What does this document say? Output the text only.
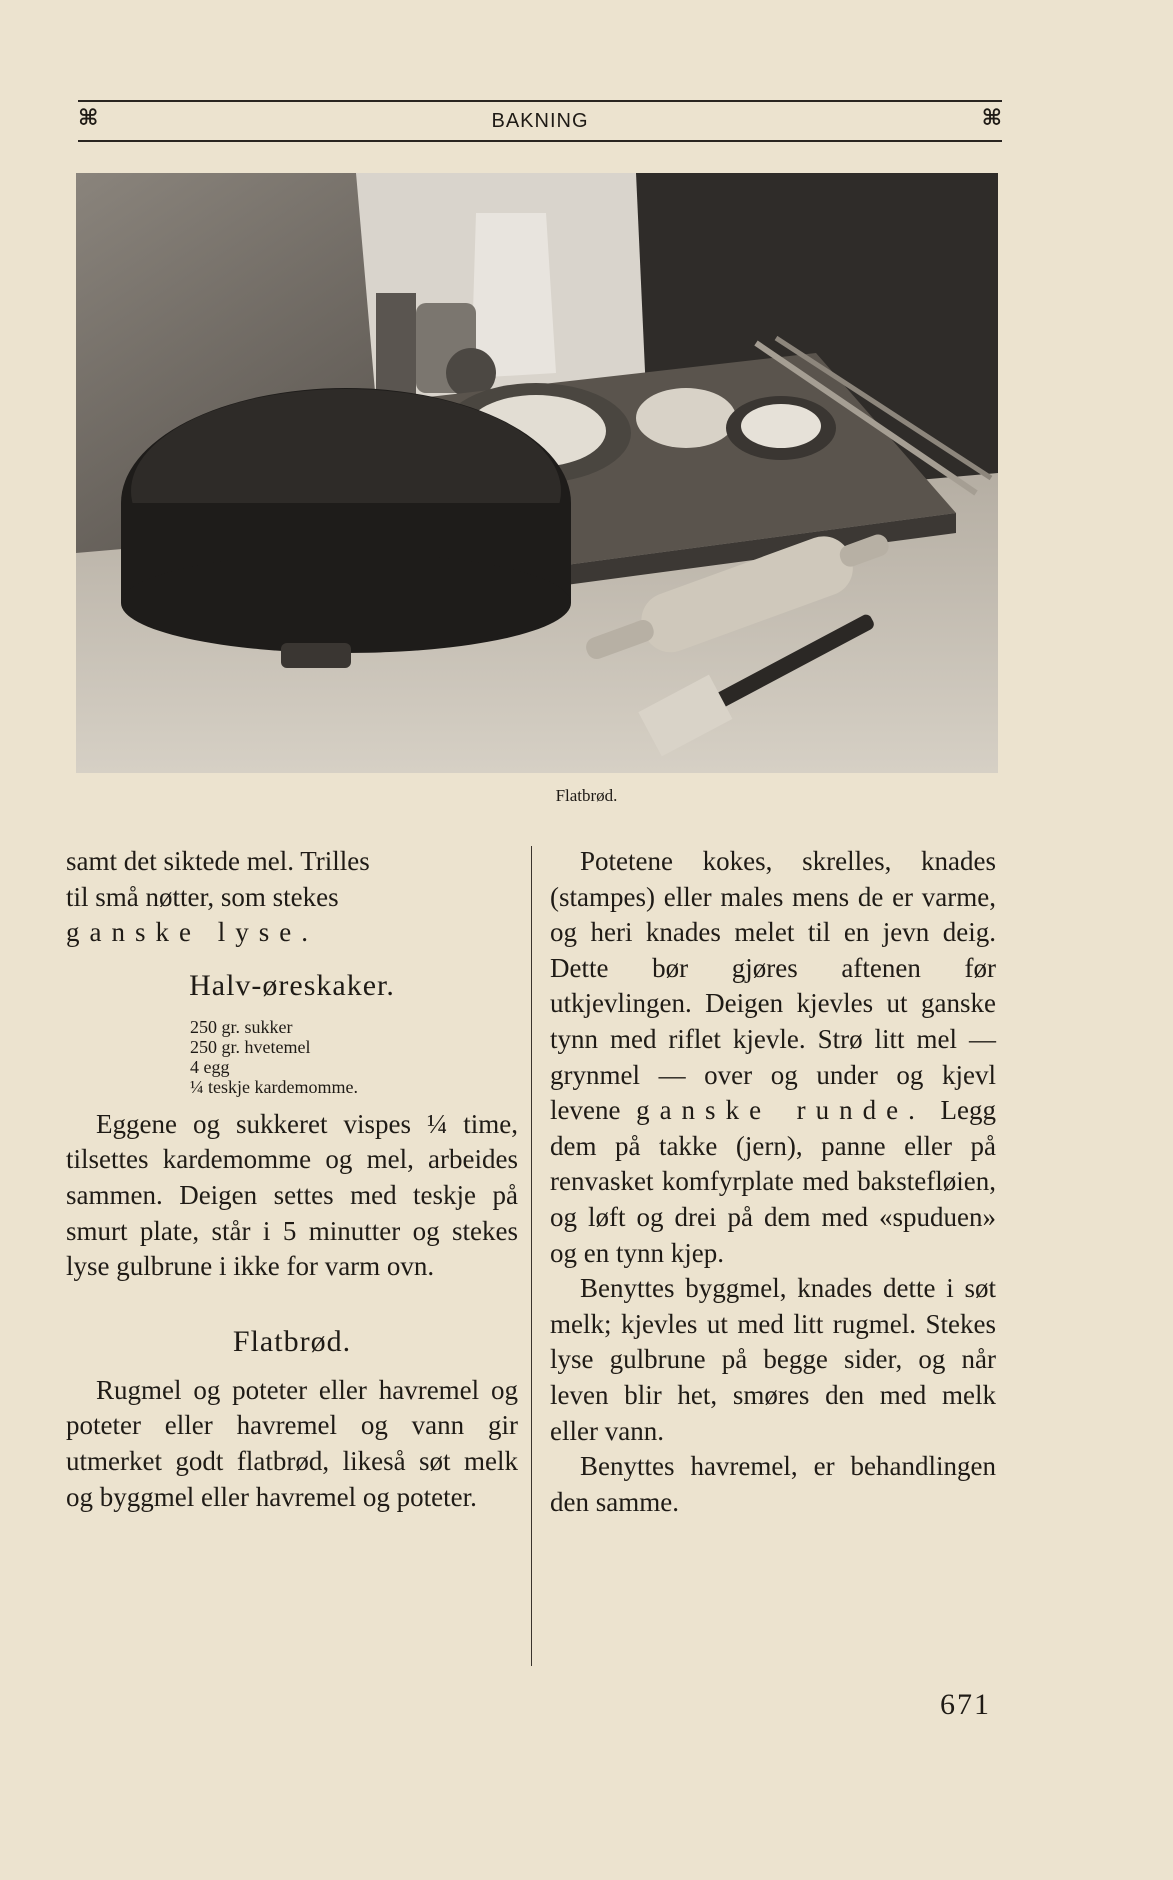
⌘	BAKNING	⌘
Flatbrød.

samt det siktede mel. Trilles

til små nøtter, som stekes

ganske lyse.

Halv-øreskaker.
250 gr. sukker
250 gr. hvetemel
4 egg
¼ teskje kardemomme.

Eggene og sukkeret vispes ¼ time, tilsettes kardemomme og mel, arbeides sammen. Deigen settes med teskje på smurt plate, står i 5 minutter og stekes lyse gulbrune i ikke for varm ovn.

Flatbrød.

Rugmel og poteter eller havremel og poteter eller havremel og vann gir utmerket godt flatbrød, likeså søt melk og byggmel eller havremel og poteter.

Potetene kokes, skrelles, knades (stampes) eller males mens de er varme, og heri knades melet til en jevn deig. Dette bør gjøres aftenen før utkjevlingen. Deigen kjevles ut ganske tynn med riflet kjevle. Strø litt mel — grynmel — over og under og kjevl levene ganske runde. Legg dem på takke (jern), panne eller på renvasket komfyrplate med bakstefløien, og løft og drei på dem med «spuduen» og en tynn kjep.

Benyttes byggmel, knades dette i søt melk; kjevles ut med litt rugmel. Stekes lyse gulbrune på begge sider, og når leven blir het, smøres den med melk eller vann.

Benyttes havremel, er behandlingen den samme.

671
